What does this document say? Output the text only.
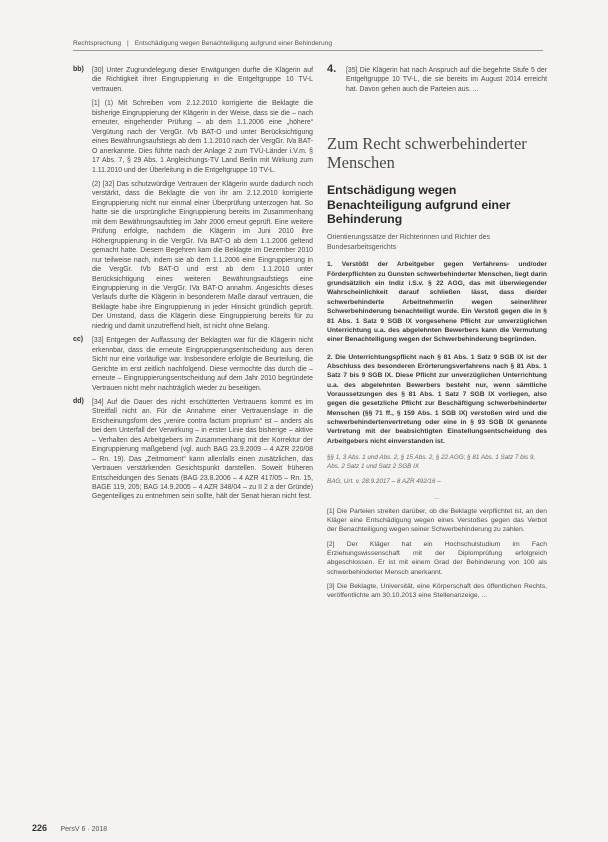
Rechtsprechung | Entschädigung wegen Benachteiligung aufgrund einer Behinderung
bb) [30] Unter Zugrundelegung dieser Erwägungen durfte die Klägerin auf die Richtigkeit ihrer Eingruppierung in die Entgeltgruppe 10 TV-L vertrauen.

[1] (1) Mit Schreiben vom 2.12.2010 korrigierte die Beklagte die bisherige Eingruppierung der Klägerin in der Weise, dass sie die – nach erneuter, eingehender Prüfung – ab dem 1.1.2006 eine „höhere“ Vergütung nach der VergGr. IVb BAT-O und unter Berücksichtigung eines Bewährungsaufstiegs ab dem 1.1.2010 nach der VergGr. IVa BAT-O anerkannte. Dies führte nach der Anlage 2 zum TVÜ-Länder i.V.m. § 17 Abs. 7, § 29 Abs. 1 Angleichungs-TV Land Berlin mit Wirkung zum 1.11.2010 und der Überleitung in die Entgeltgruppe 10 TV-L.

(2) [32] Das schutzwürdige Vertrauen der Klägerin wurde dadurch noch verstärkt, dass die Beklagte die von ihr am 2.12.2010 korrigierte Eingruppierung nicht nur einmal einer Überprüfung unterzogen hat. So hatte sie die ursprüngliche Eingruppierung bereits im Zusammenhang mit dem Bewährungsaufstieg im Jahr 2006 erneut geprüft. Eine weitere Prüfung erfolgte, nachdem die Klägerin im Juni 2010 ihre Höhergruppierung in die VergGr. IVa BAT-O ab dem 1.1.2006 geltend gemacht hatte. Diesem Begehren kam die Beklagte im Dezember 2010 nur teilweise nach, indem sie ab dem 1.1.2006 eine Eingruppierung in die VergGr. IVb BAT-O und erst ab dem 1.1.2010 unter Berücksichtigung eines weiteren Bewährungsaufstiegs eine Eingruppierung in die VergGr. IVa BAT-O annahm. Angesichts dieses Verlaufs durfte die Klägerin in besonderem Maße darauf vertrauen, die Beklagte habe ihre Eingruppierung in jeder Hinsicht gründlich geprüft. Der Umstand, dass die Klägerin diese Eingruppierung bereits für zu niedrig und damit unzutreffend hielt, ist nicht ohne Belang.

cc) [33] Entgegen der Auffassung der Beklagten war für die Klägerin nicht erkennbar, dass die erneute Eingruppierungsentscheidung aus deren Sicht nur eine vorläufige war. Insbesondere erfolgte die Beurteilung, die Gerichte im erst zeitlich nachfolgend. Diese vermochte das durch die – erneute – Eingruppierungsentscheidung auf dem Jahr 2010 begründete Vertrauen nicht mehr nachträglich wieder zu beseitigen.

dd) [34] Auf die Dauer des nicht erschütterten Vertrauens kommt es im Streitfall nicht an. Für die Annahme einer Vertrauenslage in die Erscheinungsform des „venire contra factum proprium“ ist – anders als bei dem Unterfall der Verwirkung – in erster Linie das bisherige – aktive – Verhalten des Arbeitgebers im Zusammenhang mit der Korrektur der Eingruppierung maßgebend (vgl. auch BAG 23.9.2009 – 4 AZR 220/08 – Rn. 19). Das „Zeitmoment“ kann allenfalls einen zusätzlichen, das Vertrauen verstärkenden Gesichtspunkt darstellen. Soweit früheren Entscheidungen des Senats (BAG 23.8.2006 – 4 AZR 417/05 – Rn. 15, BAGE 119, 205; BAG 14.9.2005 – 4 AZR 348/04 – zu II 2 a der Gründe) Gegenteiliges zu entnehmen sein sollte, hält der Senat hieran nicht fest.

4. [35] Die Klägerin hat nach Anspruch auf die begehrte Stufe 5 der Entgeltgruppe 10 TV-L, die sie bereits im August 2014 erreicht hat. Davon gehen auch die Parteien aus. ...

Zum Recht schwerbehinderter Menschen
Entschädigung wegen Benachteiligung aufgrund einer Behinderung

Orientierungssätze der Richterinnen und Richter des Bundesarbeitsgerichts

1. Verstößt der Arbeitgeber gegen Verfahrens- und/oder Förderpflichten zu Gunsten schwerbehinderter Menschen, liegt darin grundsätzlich ein Indiz i.S.v. § 22 AGG, das mit überwiegender Wahrscheinlichkeit darauf schließen lässt, dass die/der schwerbehinderte Arbeitnehmer/in wegen seiner/ihrer Schwerbehinderung benachteiligt wurde. Ein Verstoß gegen die in § 81 Abs. 1 Satz 9 SGB IX vorgesehene Pflicht zur unverzüglichen Unterrichtung u.a. des abgelehnten Bewerbers kann die Vermutung einer Benachteiligung wegen der Schwerbehinderung begründen.

2. Die Unterrichtungspflicht nach § 81 Abs. 1 Satz 9 SGB IX ist der Abschluss des besonderen Erörterungsverfahrens nach § 81 Abs. 1 Satz 7 bis 9 SGB IX. Diese Pflicht zur unverzüglichen Unterrichtung u.a. des abgelehnten Bewerbers besteht nur, wenn sämtliche Voraussetzungen des § 81 Abs. 1 Satz 7 SGB IX vorliegen, also gegen die gesetzliche Pflicht zur Beschäftigung schwerbehinderter Menschen (§§ 71 ff., § 159 Abs. 1 SGB IX) verstoßen wird und die schwerbehindertenvertretung oder eine in § 93 SGB IX genannte Vertretung mit der beabsichtigten Einstellungsentscheidung des Arbeitgebers nicht einverstanden ist.

§§ 1, 3 Abs. 1 und Abs. 2, § 15 Abs. 2, § 22 AGG; § 81 Abs. 1 Satz 7 bis 9, Abs. 2 Satz 1 und Satz 2 SGB IX

BAG, Urt. v. 28.9.2017 – 8 AZR 492/16 –

...

[1] Die Parteien streiten darüber, ob die Beklagte verpflichtet ist, an den Kläger eine Entschädigung wegen eines Verstoßes gegen das Verbot der Benachteiligung wegen seiner Schwerbehinderung zu zahlen.

[2] Der Kläger hat ein Hochschulstudium im Fach Erziehungswissenschaft mit der Diplomprüfung erfolgreich abgeschlossen. Er ist mit einem Grad der Behinderung von 100 als schwerbehinderter Mensch anerkannt.

[3] Die Beklagte, Universität, eine Körperschaft des öffentlichen Rechts, veröffentlichte am 30.10.2013 eine Stellenanzeige, ...

226 PersV 6 · 2018
